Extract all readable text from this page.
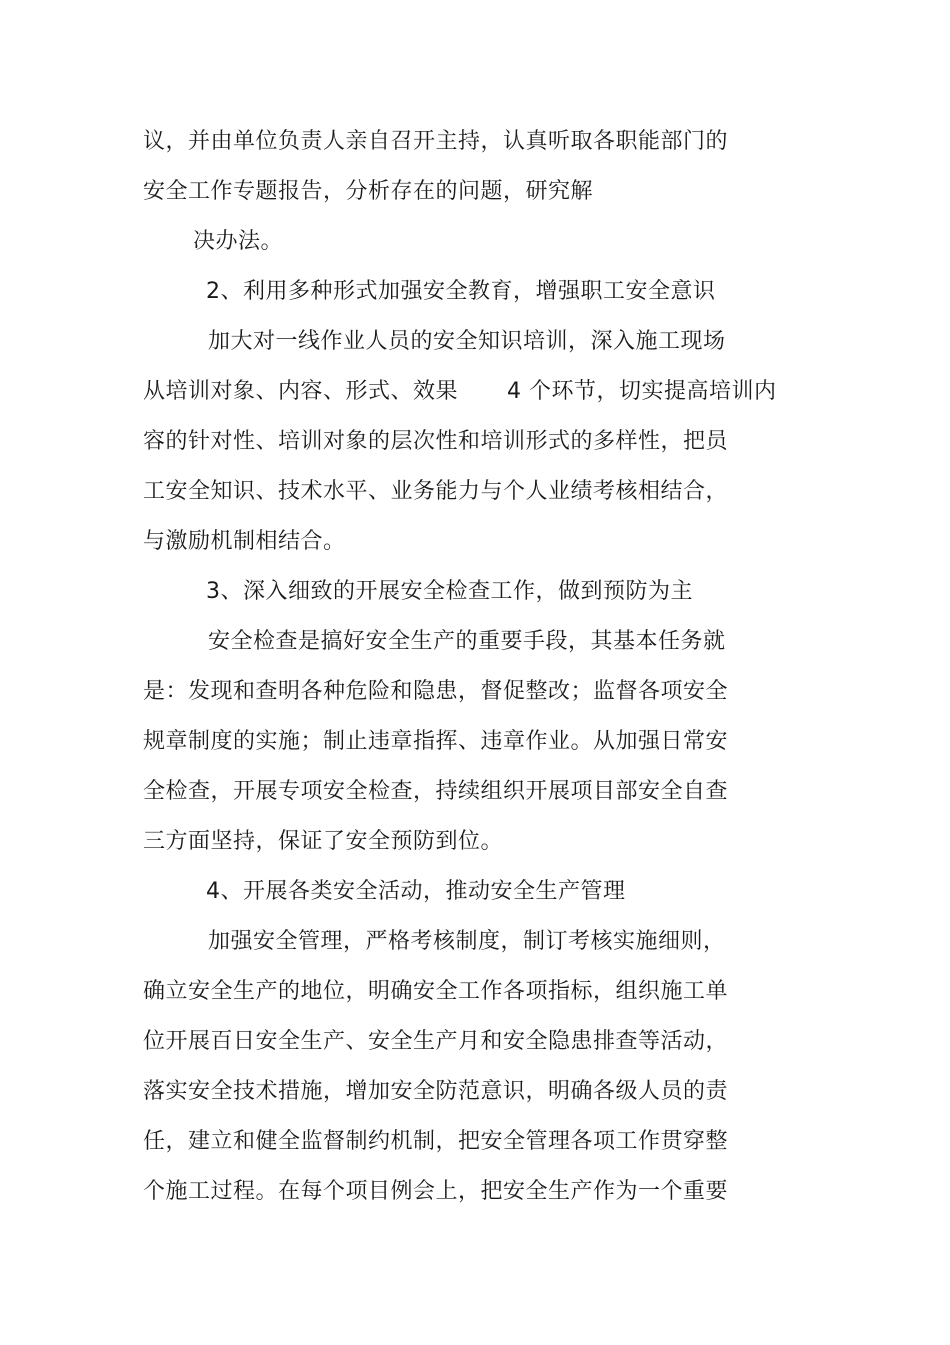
议，并由单位负责人亲自召开主持，认真听取各职能部门的
安全工作专题报告，分析存在的问题，研究解
决办法。
2、利用多种形式加强安全教育，增强职工安全意识
加大对一线作业人员的安全知识培训，深入施工现场
从培训对象、内容、形式、效果 4 个环节，切实提高培训内
容的针对性、培训对象的层次性和培训形式的多样性，把员
工安全知识、技术水平、业务能力与个人业绩考核相结合，
与激励机制相结合。
3、深入细致的开展安全检查工作，做到预防为主
安全检查是搞好安全生产的重要手段，其基本任务就
是：发现和查明各种危险和隐患，督促整改；监督各项安全
规章制度的实施；制止违章指挥、违章作业。从加强日常安
全检查，开展专项安全检查，持续组织开展项目部安全自查
三方面坚持，保证了安全预防到位。
4、开展各类安全活动，推动安全生产管理
加强安全管理，严格考核制度，制订考核实施细则，
确立安全生产的地位，明确安全工作各项指标，组织施工单
位开展百日安全生产、安全生产月和安全隐患排查等活动，
落实安全技术措施，增加安全防范意识，明确各级人员的责
任，建立和健全监督制约机制，把安全管理各项工作贯穿整
个施工过程。在每个项目例会上，把安全生产作为一个重要
